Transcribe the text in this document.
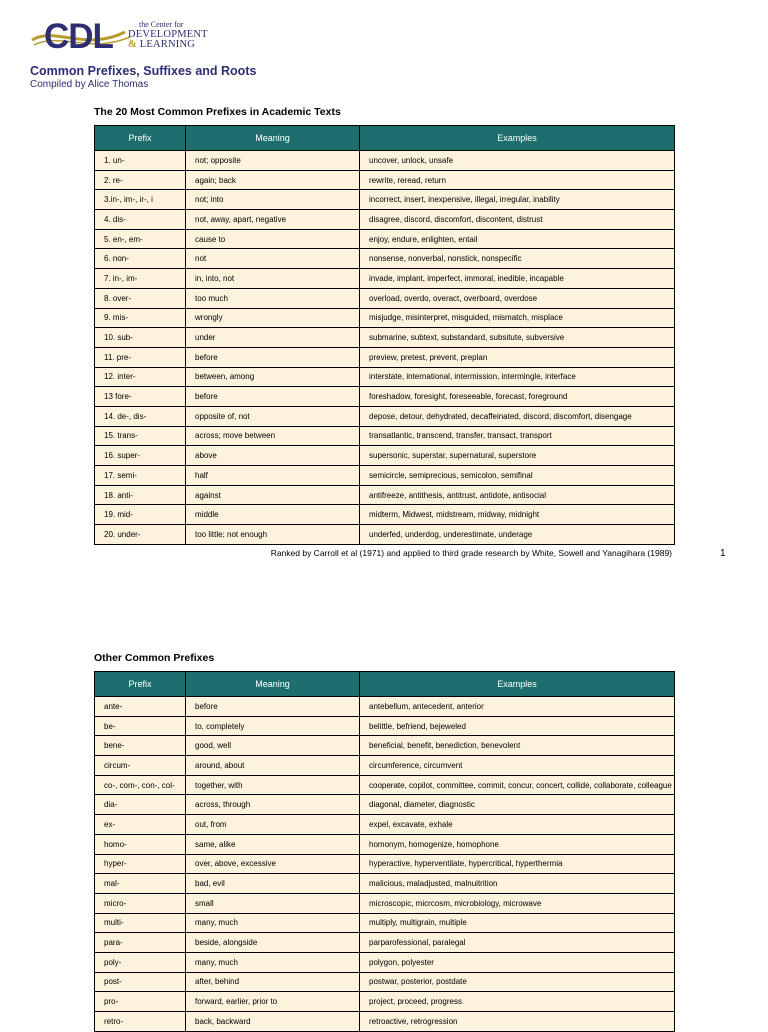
CDL	the Center for
DEVELOPMENT
& LEARNING
Common Prefixes, Suffixes and Roots
Compiled by Alice Thomas
The 20 Most Common Prefixes in Academic Texts
Prefix	Meaning	Examples
1. un-	not; opposite	uncover, unlock, unsafe
2. re-	again; back	rewrite, reread, return
3.in-, im-, ir-, i	not; into	incorrect, insert, inexpensive, illegal, irregular, inability
4. dis-	not, away, apart, negative	disagree, discord, discomfort, discontent, distrust
5. en-, em-	cause to	enjoy, endure, enlighten, entail
6. non-	not	nonsense, nonverbal, nonstick, nonspecific
7. in-, im-	in, into, not	invade, implant, imperfect, immoral, inedible, incapable
8. over-	too much	overload, overdo, overact, overboard, overdose
9. mis-	wrongly	misjudge, misinterpret, misguided, mismatch, misplace
10. sub-	under	submarine, subtext, substandard, subsitute, subversive
11. pre-	before	preview, pretest, prevent, preplan
12. inter-	between, among	interstate, international, intermission, intermingle, interface
13 fore-	before	foreshadow, foresight, foreseeable, forecast, foreground
14. de-, dis-	opposite of, not	depose, detour, dehydrated, decaffeinated, discord, discomfort, disengage
15. trans-	across; move between	transatlantic, transcend, transfer, transact, transport
16. super-	above	supersonic, superstar, supernatural, superstore
17. semi-	half	semicircle, semiprecious, semicolon, semifinal
18. anti-	against	antifreeze, antithesis, antitrust, antidote, antisocial
19. mid-	middle	midterm, Midwest, midstream, midway, midnight
20. under-	too little; not enough	underfed, underdog, underestimate, underage
Ranked by Carroll et al (1971) and applied to third grade research by White, Sowell and Yanagihara (1989)	1
Other Common Prefixes
Prefix	Meaning	Examples
ante-	before	antebellum, antecedent, anterior
be-	to, completely	belittle, befriend, bejeweled
bene-	good, well	beneficial, benefit, benediction, benevolent
circum-	around, about	circumference, circumvent
co-, com-, con-, col-	together, with	cooperate, copilot, committee, commit, concur, concert, collide, collaborate, colleague
dia-	across, through	diagonal, diameter, diagnostic
ex-	out, from	expel, excavate, exhale
homo-	same, alike	homonym, homogenize, homophone
hyper-	over, above, excessive	hyperactive, hyperventilate, hypercritical, hyperthermia
mal-	bad, evil	malicious, maladjusted, malnuitrition
micro-	small	microscopic, micrcosm, microbiology, microwave
multi-	many, much	multiply, multigrain, multiple
para-	beside, alongside	parparofessional, paralegal
poly-	many, much	polygon, polyester
post-	after, behind	postwar, posterior, postdate
pro-	forward, earlier, prior to	project, proceed, progress
retro-	back, backward	retroactive, retrogression
